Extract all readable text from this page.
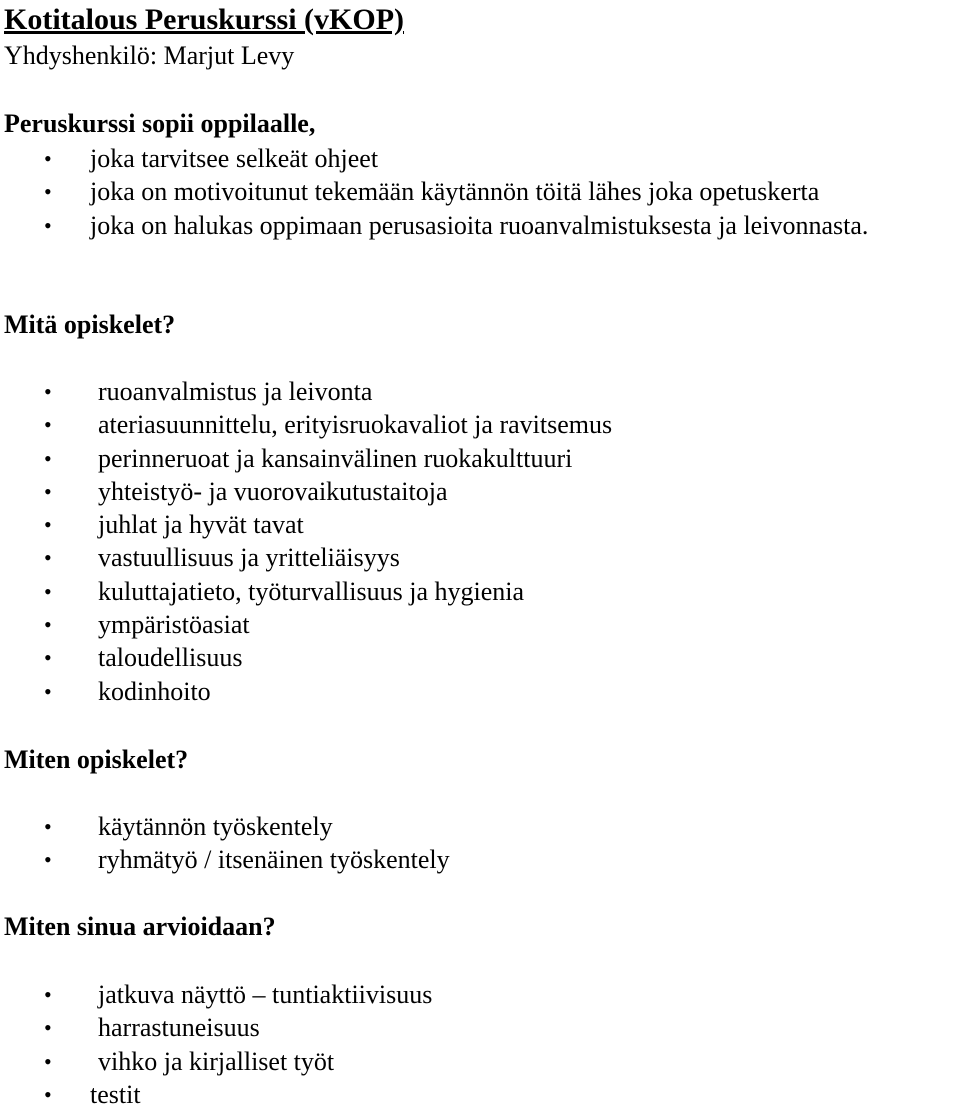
Kotitalous Peruskurssi (vKOP)
Yhdyshenkilö: Marjut Levy
Peruskurssi sopii oppilaalle,
• joka tarvitsee selkeät ohjeet
• joka on motivoitunut tekemään käytännön töitä lähes joka opetuskerta
• joka on halukas oppimaan perusasioita ruoanvalmistuksesta ja leivonnasta.
Mitä opiskelet?
• ruoanvalmistus ja leivonta
• ateriasuunnittelu, erityisruokavaliot ja ravitsemus
• perinneruoat ja kansainvälinen ruokakulttuuri
• yhteistyö- ja vuorovaikutustaitoja
• juhlat ja hyvät tavat
• vastuullisuus ja yritteliäisyys
• kuluttajatieto, työturvallisuus ja hygienia
• ympäristöasiat
• taloudellisuus
• kodinhoito
Miten opiskelet?
• käytännön työskentely
• ryhmätyö / itsenäinen työskentely
Miten sinua arvioidaan?
• jatkuva näyttö – tuntiaktiivisuus
• harrastuneisuus
• vihko ja kirjalliset työt
• testit
